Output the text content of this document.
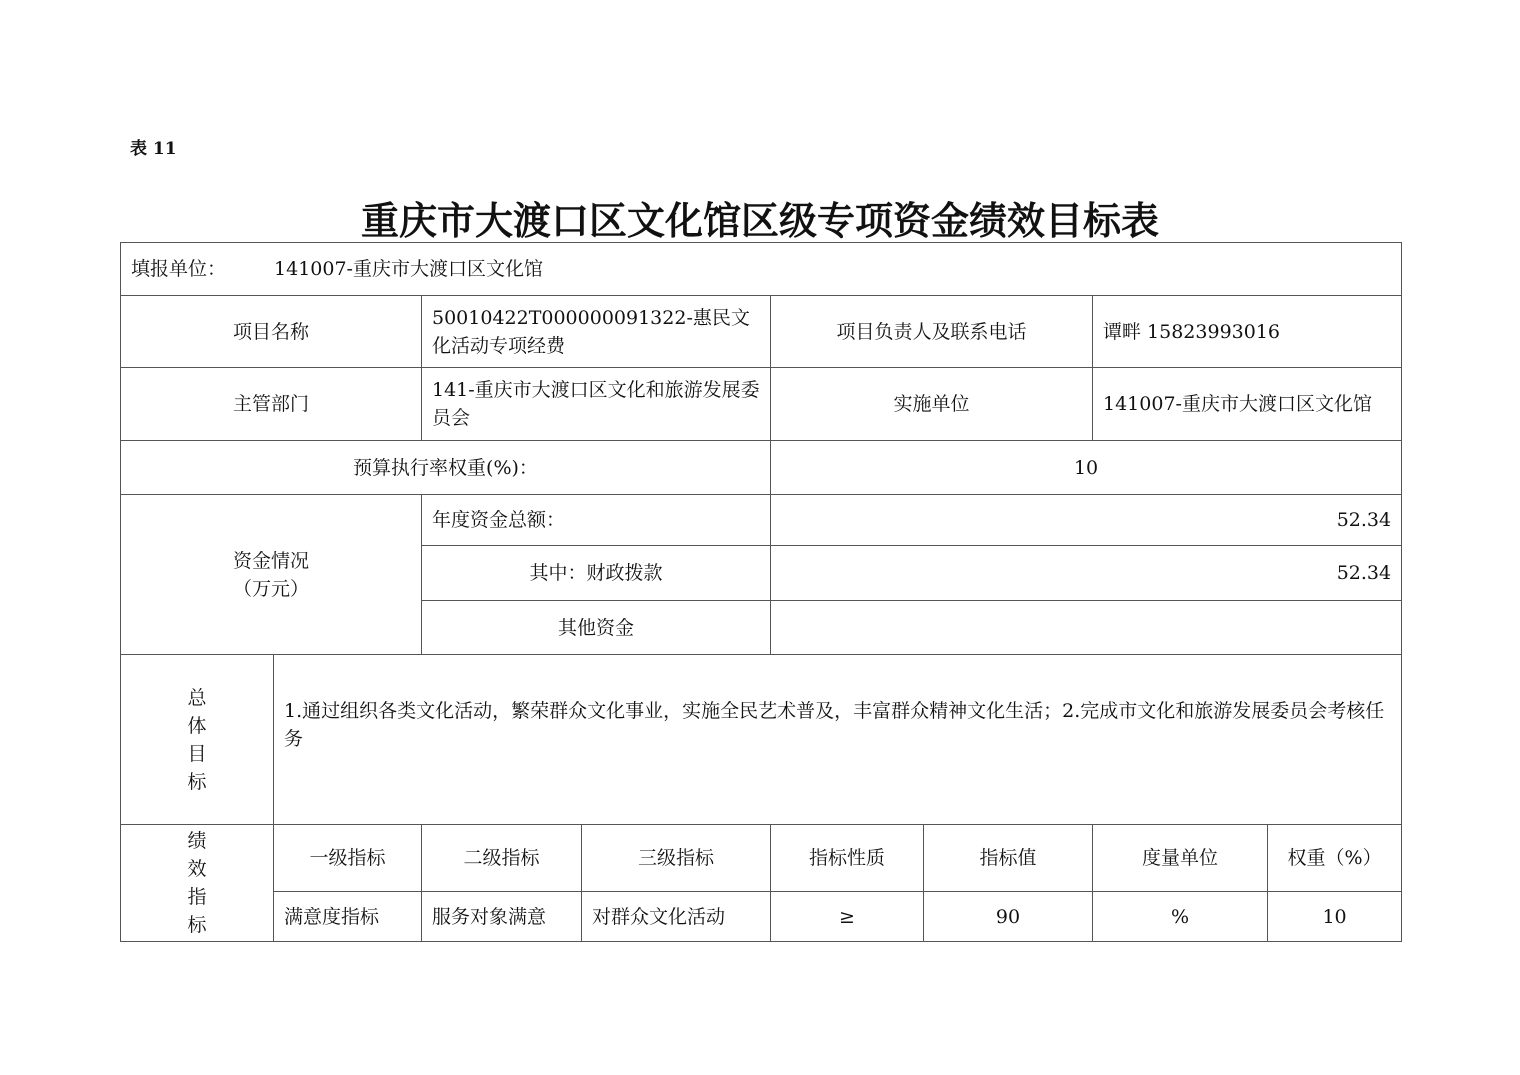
表 11
重庆市大渡口区文化馆区级专项资金绩效目标表
填报单位： 141007-重庆市大渡口区文化馆							
项目名称		50010422T000000091322-惠民文化活动专项经费		项目负责人及联系电话		谭畔 15823993016	
主管部门		141-重庆市大渡口区文化和旅游发展委员会		实施单位		141007-重庆市大渡口区文化馆	
预算执行率权重(%)：				10			

资金情况
（万元）		年度资金总额：		52.34			
		其中：财政拨款		52.34			
		其他资金					

总
体
目
标	1.通过组织各类文化活动，繁荣群众文化事业，实施全民艺术普及，丰富群众精神文化生活；2.完成市文化和旅游发展委员会考核任务						

绩
效
指
标	一级指标	二级指标	三级指标	指标性质	指标值	度量单位	权重（%）
	满意度指标	服务对象满意	对群众文化活动	≥	90	%	10
